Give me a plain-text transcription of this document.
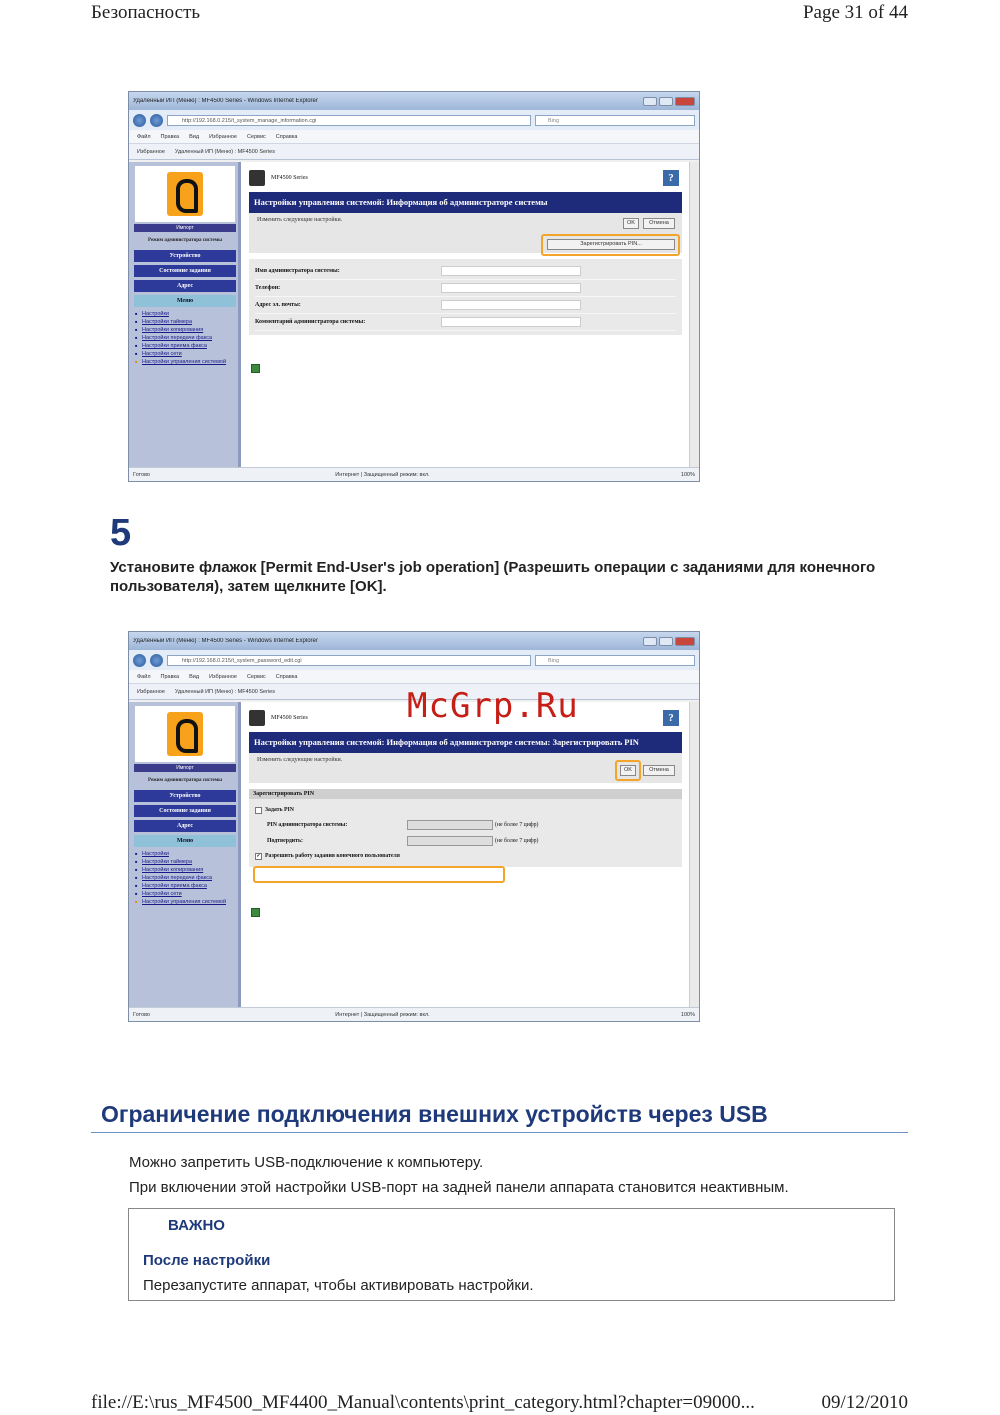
Безопасность	Page 31 of 44
Удаленный ИП (Меню) : MF4500 Series - Windows Internet Explorer
http://192.168.0.215/t_system_manage_information.cgi	Bing
Файл Правка Вид Избранное Сервис Справка
Избранное Удаленный ИП (Меню) : MF4500 Series
Импорт
Режим администратора системы
Устройство
Состояние задания
Адрес
Меню
■ Настройки
■ Настройки таймера
■ Настройки копирования
■ Настройки передачи факса
■ Настройки приема факса
■ Настройки сети
■ Настройки управления системой
MF4500 Series	?
Настройки управления системой: Информация об администраторе системы
Изменить следующие настройки.	OK	Отмена
Зарегистрировать PIN...
Имя администратора системы:
Телефон:
Адрес эл. почты:
Комментарий администратора системы:
Готово	Интернет | Защищенный режим: вкл.	100%
5
Установите флажок [Permit End-User's job operation] (Разрешить операции с заданиями для конечного пользователя), затем щелкните [OK].
Удаленный ИП (Меню) : MF4500 Series - Windows Internet Explorer
http://192.168.0.215/t_system_password_edit.cgi	Bing
Файл Правка Вид Избранное Сервис Справка
Избранное Удаленный ИП (Меню) : MF4500 Series
Импорт
Режим администратора системы
Устройство
Состояние задания
Адрес
Меню
■ Настройки
■ Настройки таймера
■ Настройки копирования
■ Настройки передачи факса
■ Настройки приема факса
■ Настройки сети
■ Настройки управления системой
MF4500 Series	?
Настройки управления системой: Информация об администраторе системы: Зарегистрировать PIN
Изменить следующие настройки.
OK	Отмена
Зарегистрировать PIN
Задать PIN
PIN администратора системы:	(не более 7 цифр)
Подтвердить:	(не более 7 цифр)
✓ Разрешить работу задания конечного пользователя
Готово	Интернет | Защищенный режим: вкл.	100%
McGrp.Ru
Ограничение подключения внешних устройств через USB
Можно запретить USB-подключение к компьютеру.
При включении этой настройки USB-порт на задней панели аппарата становится неактивным.
ВАЖНО
После настройки
Перезапустите аппарат, чтобы активировать настройки.
file://E:\rus_MF4500_MF4400_Manual\contents\print_category.html?chapter=09000...	09/12/2010
